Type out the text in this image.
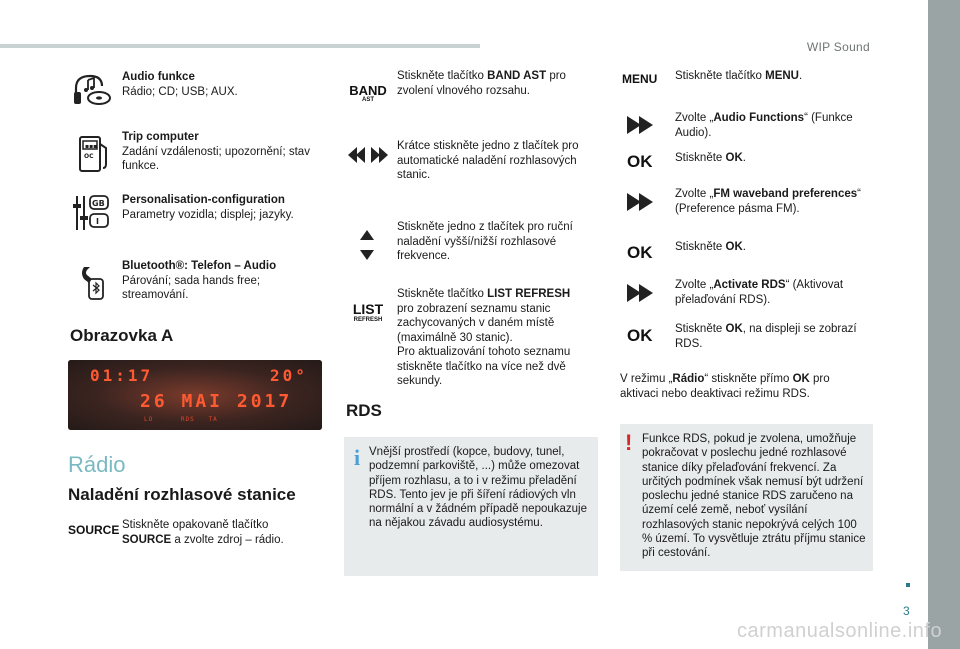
WIP Sound
3
carmanualsonline.info
Audio funkce
Rádio; CD; USB; AUX.
▪▪▪
OC
Trip computer
Zadání vzdálenosti; upozornění; stav funkce.
GB
I
Personalisation-configuration
Parametry vozidla; displej; jazyky.
Bluetooth®: Telefon – Audio
Párování; sada hands free; streamování.
Obrazovka A
01:17	20°
26 MAI 2017
LO      RDS   TA
Rádio
Naladění rozhlasové stanice
SOURCE Stiskněte opakovaně tlačítko SOURCE a zvolte zdroj – rádio.
BAND
AST
Stiskněte tlačítko BAND AST pro zvolení vlnového rozsahu.
Krátce stiskněte jedno z tlačítek pro automatické naladění rozhlasových stanic.
Stiskněte jedno z tlačítek pro ruční naladění vyšší/nižší rozhlasové frekvence.
LIST
REFRESH
Stiskněte tlačítko LIST REFRESH pro zobrazení seznamu stanic zachycovaných v daném místě (maximálně 30 stanic).
Pro aktualizování tohoto seznamu stiskněte tlačítko na více než dvě sekundy.
RDS
i Vnější prostředí (kopce, budovy, tunel, podzemní parkoviště, ...) může omezovat příjem rozhlasu, a to i v režimu přeladění RDS. Tento jev je při šíření rádiových vln normální a v žádném případě nepoukazuje na nějakou závadu audiosystému.
MENU Stiskněte tlačítko MENU.
Zvolte „Audio Functions“ (Funkce Audio).
OK Stiskněte OK.
Zvolte „FM waveband preferences“ (Preference pásma FM).
OK Stiskněte OK.
Zvolte „Activate RDS“ (Aktivovat přelaďování RDS).
OK Stiskněte OK, na displeji se zobrazí RDS.
V režimu „Rádio“ stiskněte přímo OK pro aktivaci nebo deaktivaci režimu RDS.
! Funkce RDS, pokud je zvolena, umožňuje pokračovat v poslechu jedné rozhlasové stanice díky přelaďování frekvencí. Za určitých podmínek však nemusí být udržení poslechu jedné stanice RDS zaručeno na území celé země, neboť vysílání rozhlasových stanic nepokrývá celých 100 % území. To vysvětluje ztrátu příjmu stanice při cestování.
